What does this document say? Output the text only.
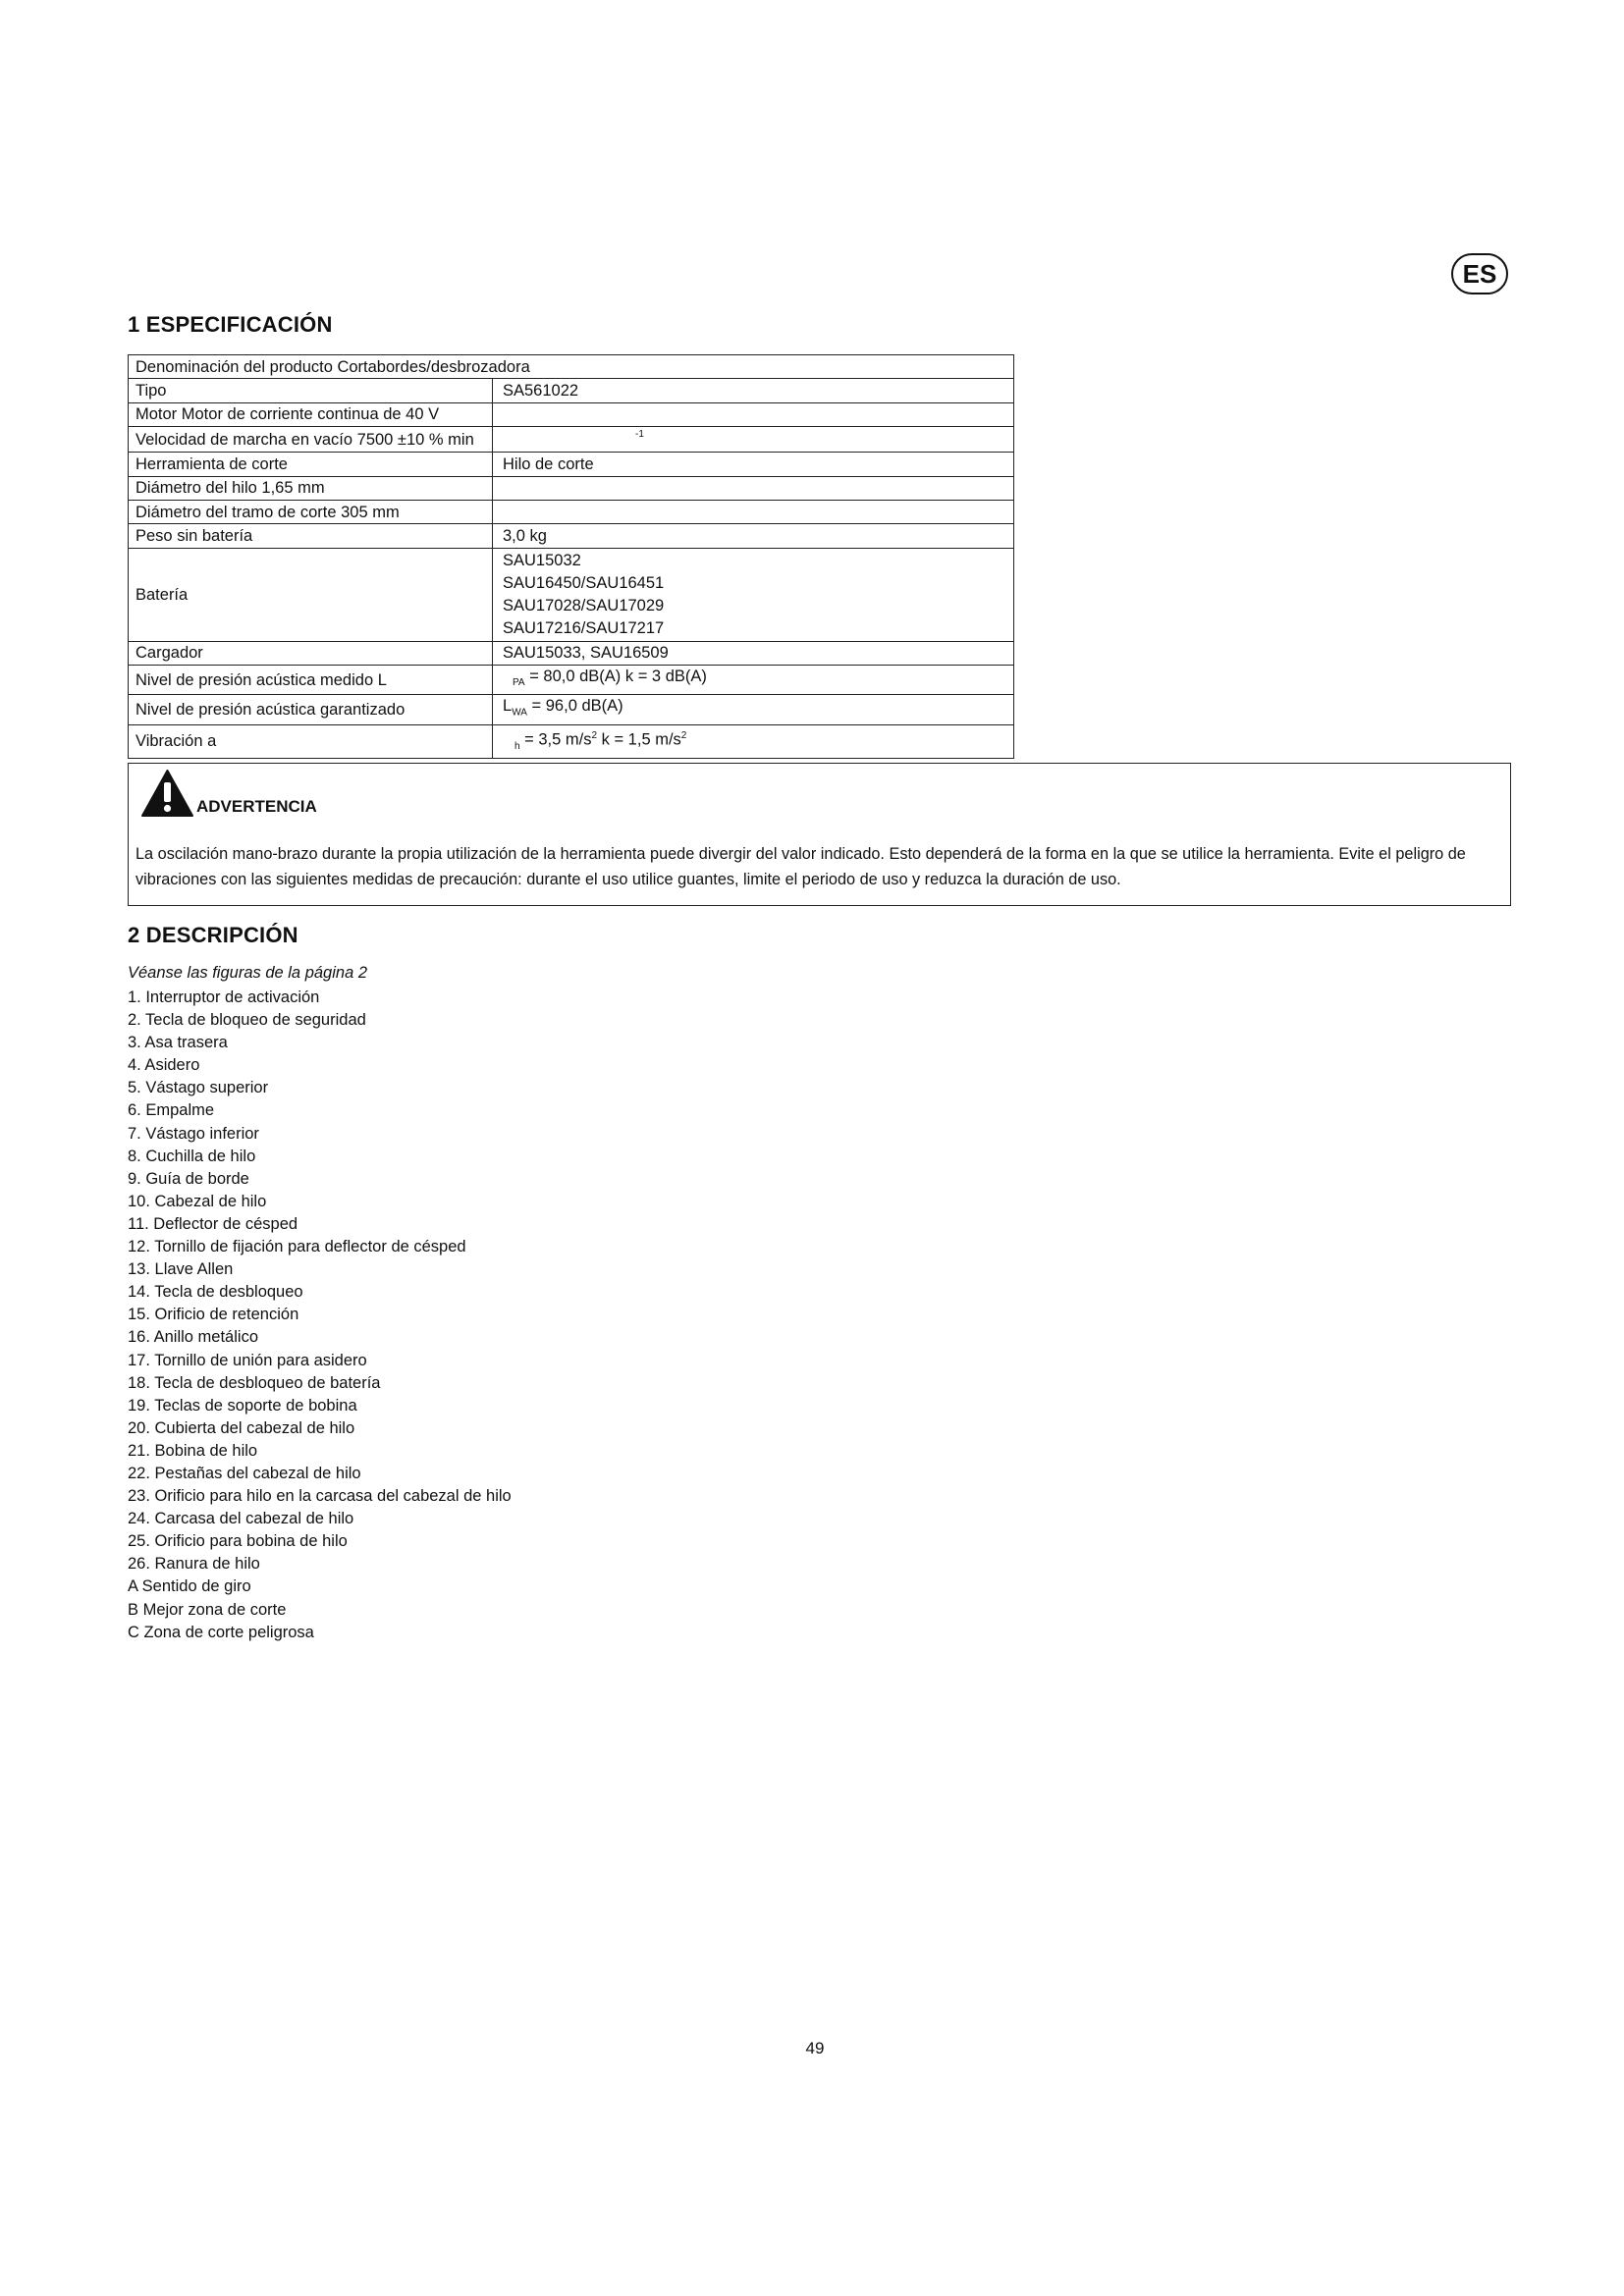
ES
1 ESPECIFICACIÓN
Denominación del producto Cortabordes/desbrozadora	
Tipo	SA561022
Motor Motor de corriente continua de 40 V	
Velocidad de marcha en vacío 7500 ±10 % min	$^{-1}$
Herramienta de corte	Hilo de corte
Diámetro del hilo 1,65 mm	
Diámetro del tramo de corte 305 mm	
Peso sin batería	3,0 kg
Batería	SAU15032
SAU16450/SAU16451
SAU17028/SAU17029
SAU17216/SAU17217

Cargador	SAU15033, SAU16509
Nivel de presión acústica medido L	$_{PA}$ = 80,0 dB(A) k = 3 dB(A)
Nivel de presión acústica garantizado	$L_{WA} = 96,0$ dB(A)
Vibración a	$_h$ = 3,5 $m/s^2$ k = 1,5 $m/s^2$
ADVERTENCIA
La oscilación mano-brazo durante la propia utilización de la herramienta puede divergir del valor indicado. Esto dependerá de la forma en la que se utilice la herramienta. Evite el peligro de vibraciones con las siguientes medidas de precaución: durante el uso utilice guantes, limite el periodo de uso y reduzca la duración de uso.
2 DESCRIPCIÓN
Véanse las figuras de la página 2
1. Interruptor de activación
2. Tecla de bloqueo de seguridad
3. Asa trasera
4. Asidero
5. Vástago superior
6. Empalme
7. Vástago inferior
8. Cuchilla de hilo
9. Guía de borde
10. Cabezal de hilo
11. Deflector de césped
12. Tornillo de fijación para deflector de césped
13. Llave Allen
14. Tecla de desbloqueo
15. Orificio de retención
16. Anillo metálico
17. Tornillo de unión para asidero
18. Tecla de desbloqueo de batería
19. Teclas de soporte de bobina
20. Cubierta del cabezal de hilo
21. Bobina de hilo
22. Pestañas del cabezal de hilo
23. Orificio para hilo en la carcasa del cabezal de hilo
24. Carcasa del cabezal de hilo
25. Orificio para bobina de hilo
26. Ranura de hilo
A Sentido de giro
B Mejor zona de corte
C Zona de corte peligrosa
49
